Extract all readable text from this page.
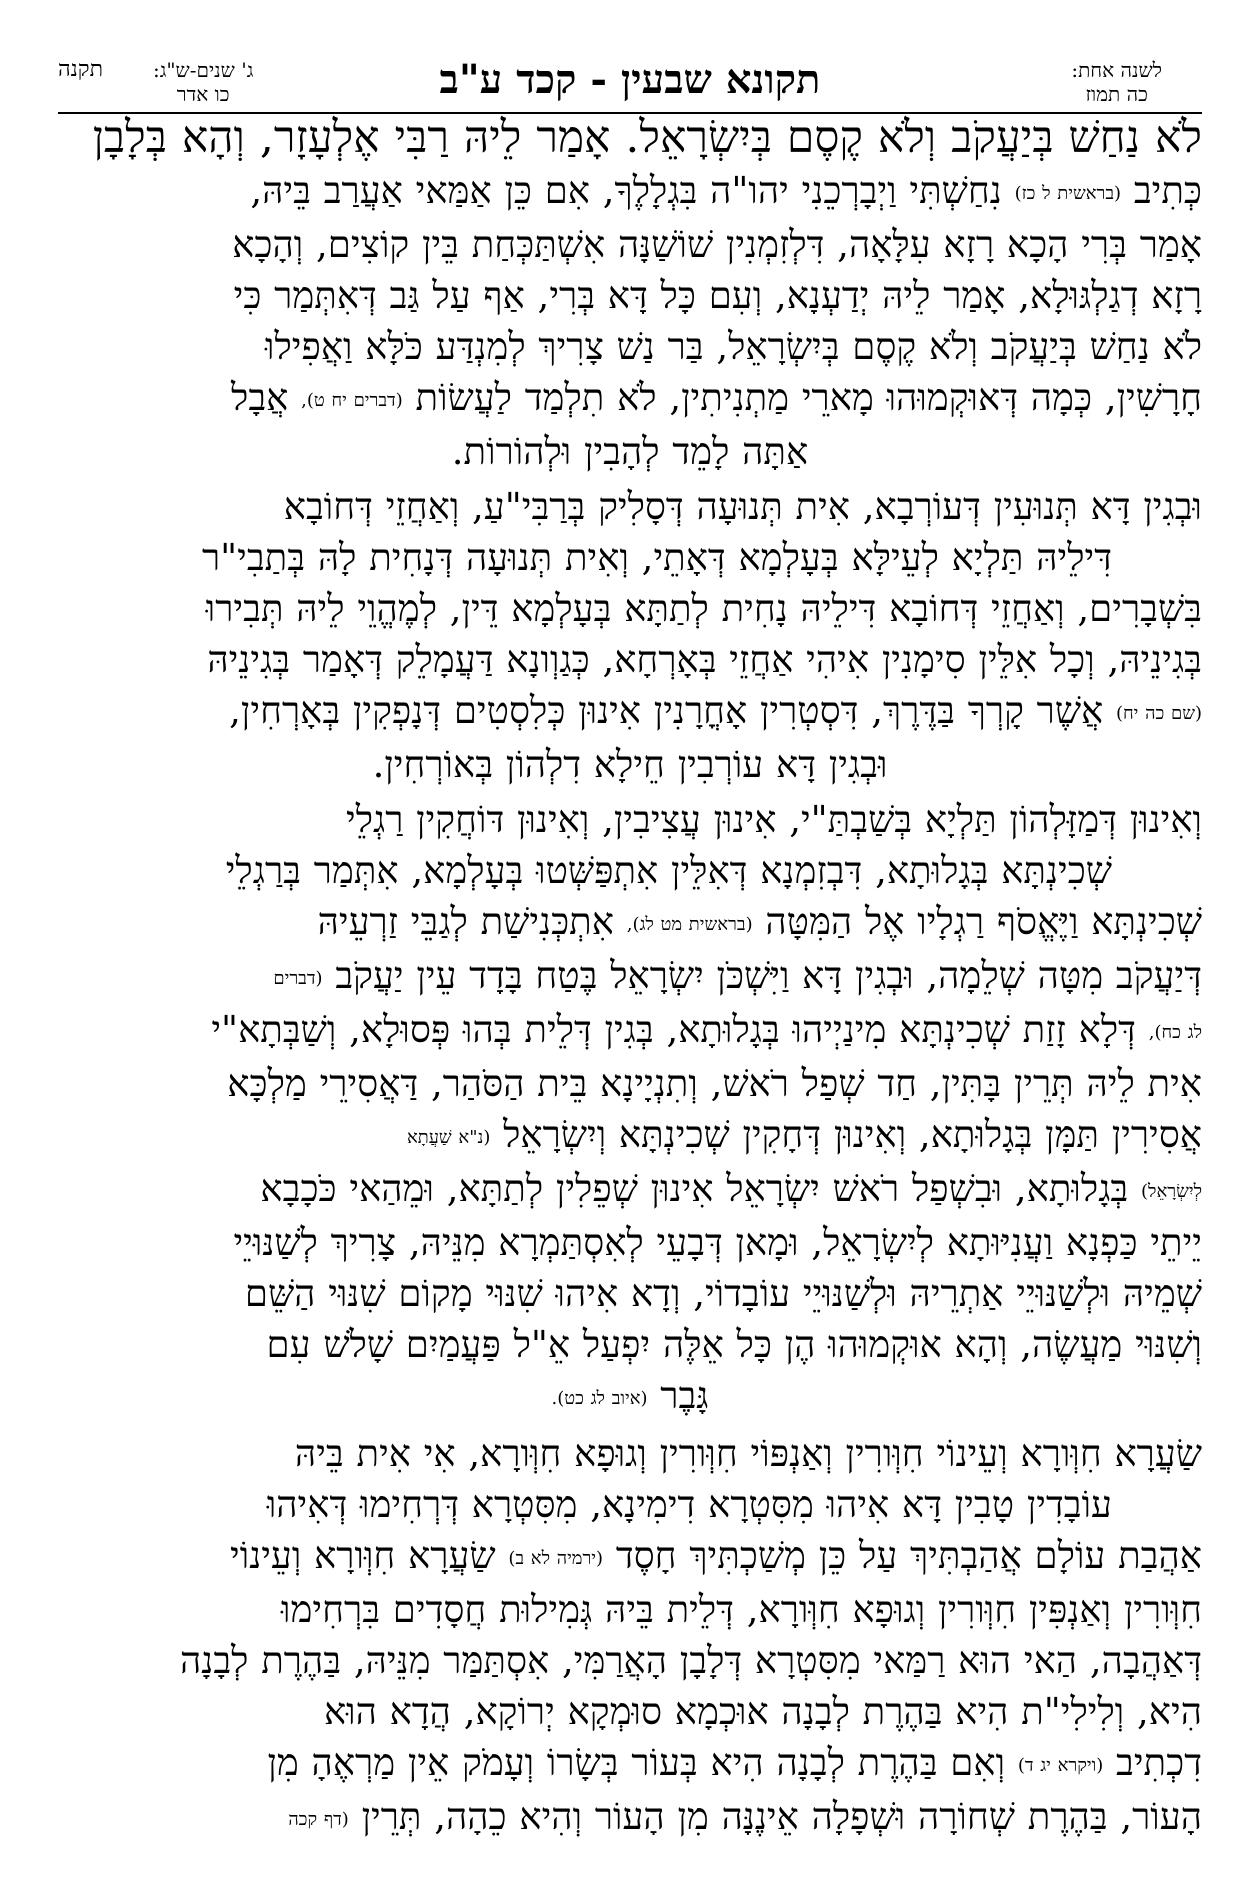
לשנה אחת:
כה תמוז
תקונא שבעין - קכד ע"ב
ג' שנים-ש"ג:
כו אדר
תקנה
לֹא נַחַשׁ בְּיַעֲקֹב וְלֹא קֶסֶם בְּיִשְׂרָאֵל. אָמַר לֵיהּ רַבִּי אֶלְעָזָר, וְהָא בְּלָבָן
כְּתִיב (בראשית ל כז) נִחַשְׁתִּי וַיְבָרְכֵנִי יהו"ה בִּגְלָלֶךָ, אִם כֵּן אַמַּאי אַעֲרַב בֵּיהּ,
אָמַר בְּרִי הָכָא רָזָא עִלָּאָה, דִּלְזִמְנִין שׁוֹשַׁנָּה אִשְׁתַּכְּחַת בֵּין קוֹצִים, וְהָכָא
רָזָא דְגַלְגּוּלָא, אָמַר לֵיהּ יְדַעְנָא, וְעִם כָּל דָּא בְּרִי, אַף עַל גַּב דְּאִתְּמַר כִּי
לֹא נַחַשׁ בְּיַעֲקֹב וְלֹא קֶסֶם בְּיִשְׂרָאֵל, בַּר נַשׁ צָרִיךְ לְמִנְדַּע כֹּלָּא וַאֲפִילוּ
חָרָשִׁין, כְּמָה דְּאוּקְמוּהוּ מָארֵי מַתְנִיתִין, לֹא תִלְמַד לַעֲשׂוֹת (דברים יח ט), אֲבָל
אַתָּה לָמֵד לְהָבִין וּלְהוֹרוֹת.
וּבְגִין דָּא תְּנוּעִין דְּעוֹרְבָא, אִית תְּנוּעָה דְּסָלִיק בְּרַבִּי"עַ, וְאַחֲזֵי דְּחוֹבָא
דִּילֵיהּ תַּלְיָא לְעֵילָּא בְּעָלְמָא דְּאָתֵי, וְאִית תְּנוּעָה דְּנָחִית לָהּ בְּתַבִי"ר
בִּשְׁבָרִים, וְאַחֲזֵי דְּחוֹבָא דִּילֵיהּ נָחִית לְתַתָּא בְּעָלְמָא דֵּין, לְמֶהֱוֵי לֵיהּ תְּבִירוּ
בְּגִינֵיהּ, וְכָל אִלֵּין סִימָנִין אִיהִי אַחֲזֵי בְּאָרְחָא, כְּגַוְונָא דַּעֲמָלֵק דְּאָמַר בְּגִינֵיהּ
(שם כה יח) אֲשֶׁר קָרְךָ בַּדֶּרֶךְ, דִּסְטְרִין אָחֳרָנִין אִינוּן כְּלִסְטִים דְּנָפְקִין בְּאָרְחִין,
וּבְגִין דָּא עוֹרְבִין חֵילָא דִלְהוֹן בְּאוֹרְחִין.
וְאִינוּן דְּמַזָּלְהוֹן תַּלְיָא בְּשַׁבְתַּ"י, אִינוּן עֲצִיבִין, וְאִינוּן דּוֹחֲקִין רַגְלֵי
שְׁכִינְתָּא בְּגָלוּתָא, דִּבְזִמְנָא דְּאִלֵּין אִתְפַּשְּׁטוּ בְּעָלְמָא, אִתְּמַר בְּרַגְלֵי
שְׁכִינְתָּא וַיֶּאֱסֹף רַגְלָיו אֶל הַמִּטָּה (בראשית מט לג), אִתְכְּנִישַׁת לְגַבֵּי זַרְעֵיהּ
דְּיַעֲקֹב מִטָּה שְׁלֵמָה, וּבְגִין דָּא וַיִּשְׁכֹּן יִשְׂרָאֵל בֶּטַח בָּדָד עֵין יַעֲקֹב (דברים
לג כח), דְּלָא זָזַת שְׁכִינְתָּא מִינַיְיהוּ בְּגָלוּתָא, בְּגִין דְּלֵית בְּהוּ פְּסוּלָא, וְשַׁבְּתָא"י
אִית לֵיהּ תְּרֵין בָּתִּין, חַד שְׁפַל רֹאשׁ, וְתִנְיָינָא בֵּית הַסֹּהַר, דַּאֲסִירֵי מַלְכָּא
אֲסִירִין תַּמָּן בְּגָלוּתָא, וְאִינוּן דְּחָקִין שְׁכִינְתָּא וְיִשְׂרָאֵל (נ"א שַׁעֲתָא
לְיִשְׂרָאֵל) בְּגָלוּתָא, וּבִשְׁפַל רֹאשׁ יִשְׂרָאֵל אִינוּן שְׁפֵלִין לְתַתָּא, וּמֵהַאי כֹּכָבָא
יֵיתֵי כַּפְנָא וַעֲנִיּוּתָא לְיִשְׂרָאֵל, וּמָאן דְּבָעֵי לְאִסְתַּמְרָא מִנֵּיהּ, צָרִיךְ לְשַׁנּוּיֵי
שְׁמֵיהּ וּלְשַׁנּוּיֵי אַתְרֵיהּ וּלְשַׁנּוּיֵי עוֹבָדוֹי, וְדָא אִיהוּ שִׁנּוּי מָקוֹם שִׁנּוּי הַשֵּׁם
וְשִׁנּוּי מַעֲשֶׂה, וְהָא אוּקְמוּהוּ הֶן כָּל אֵלֶּה יִפְעַל אֵ"ל פַּעֲמַיִם שָׁלֹשׁ עִם
גָּבֶר (איוב לג כט).
שַׂעֲרָא חִוְּורָא וְעֵינוֹי חִוְּורִין וְאַנְפּוֹי חִוְּורִין וְגוּפָא חִוְּורָא, אִי אִית בֵּיהּ
עוֹבָדִין טָבִין דָּא אִיהוּ מִסִּטְרָא דִימִינָא, מִסִּטְרָא דְּרְחִימוּ דְּאִיהוּ
אַהֲבַת עוֹלָם אֲהַבְתִּיךְ עַל כֵּן מְשַׁכְתִּיךְ חָסֶד (ירמיה לא ב) שַׂעֲרָא חִוְּורָא וְעֵינוֹי
חִוְּורִין וְאַנְפִּין חִוְּורִין וְגוּפָא חִוְּורָא, דְּלֵית בֵּיהּ גְּמִילוּת חֲסָדִים בִּרְחִימוּ
דְּאַהֲבָה, הַאי הוּא רַמַּאי מִסִּטְרָא דְּלָבָן הָאֲרַמִּי, אִסְתַּמַּר מִנֵּיהּ, בַּהֶרֶת לְבָנָה
הִיא, וְלִילִי"ת הִיא בַּהֶרֶת לְבָנָה אוּכְמָא סוּמְקָא יְרוֹקָא, הֲדָא הוּא
דִכְתִיב (ויקרא יג ד) וְאִם בַּהֶרֶת לְבָנָה הִיא בְּעוֹר בְּשָׂרוֹ וְעָמֹק אֵין מַרְאֶהָ מִן
הָעוֹר, בַּהֶרֶת שְׁחוֹרָה וּשְׁפָלָה אֵינֶנָּה מִן הָעוֹר וְהִיא כֵהָה, תְּרֵין (דף קכה
